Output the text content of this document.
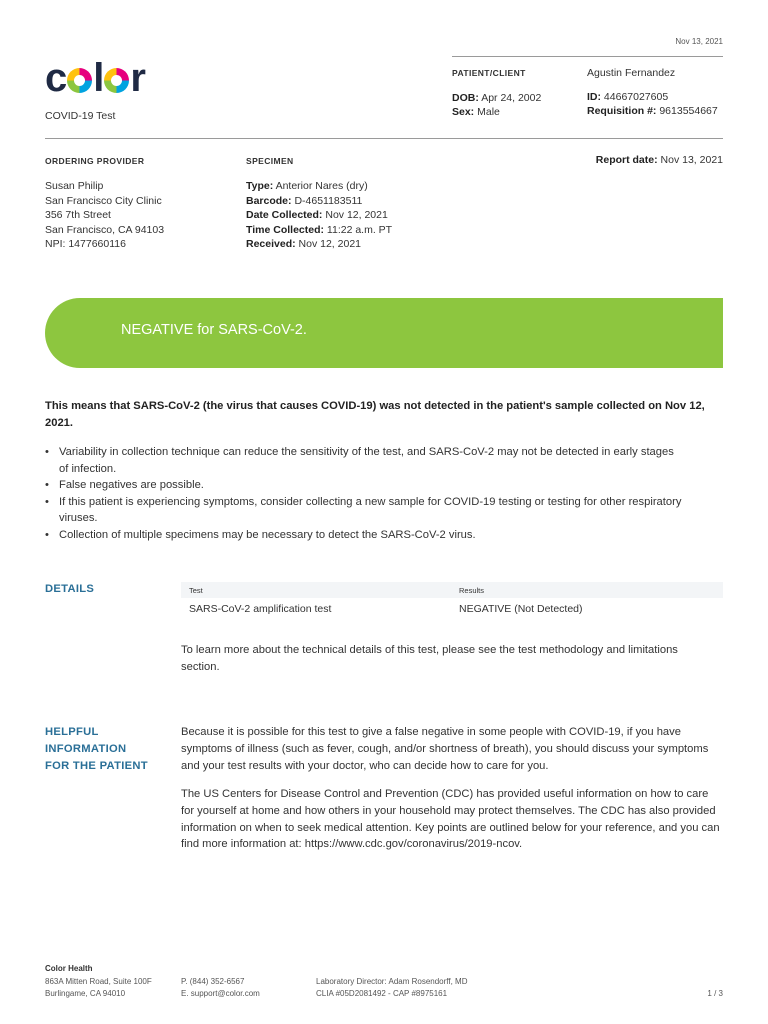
Nov 13, 2021
c l r
COVID-19 Test
PATIENT/CLIENT	Agustin Fernandez
DOB: Apr 24, 2002
Sex: Male
ID: 44667027605
Requisition #: 9613554667
ORDERING PROVIDER
Susan Philip
San Francisco City Clinic
356 7th Street
San Francisco, CA 94103
NPI: 1477660116
SPECIMEN
Type: Anterior Nares (dry)
Barcode: D-4651183511
Date Collected: Nov 12, 2021
Time Collected: 11:22 a.m. PT
Received: Nov 12, 2021
Report date: Nov 13, 2021
NEGATIVE for SARS-CoV-2.
This means that SARS-CoV-2 (the virus that causes COVID-19) was not detected in the patient's sample collected on Nov 12, 2021.
• Variability in collection technique can reduce the sensitivity of the test, and SARS-CoV-2 may not be detected in early stages of infection.
• False negatives are possible.
• If this patient is experiencing symptoms, consider collecting a new sample for COVID-19 testing or testing for other respiratory viruses.
• Collection of multiple specimens may be necessary to detect the SARS-CoV-2 virus.
DETAILS	Test	Results
SARS-CoV-2 amplification test	NEGATIVE (Not Detected)
To learn more about the technical details of this test, please see the test methodology and limitations section.
HELPFUL
INFORMATION
FOR THE PATIENT
Because it is possible for this test to give a false negative in some people with COVID-19, if you have symptoms of illness (such as fever, cough, and/or shortness of breath), you should discuss your symptoms and your test results with your doctor, who can decide how to care for you.
The US Centers for Disease Control and Prevention (CDC) has provided useful information on how to care for yourself at home and how others in your household may protect themselves. The CDC has also provided information on when to seek medical attention. Key points are outlined below for your reference, and you can find more information at: https://www.cdc.gov/coronavirus/2019-ncov.
Color Health
863A Mitten Road, Suite 100F
Burlingame, CA 94010
P. (844) 352-6567
E. support@color.com
Laboratory Director: Adam Rosendorff, MD
CLIA #05D2081492 - CAP #8975161	1 / 3
